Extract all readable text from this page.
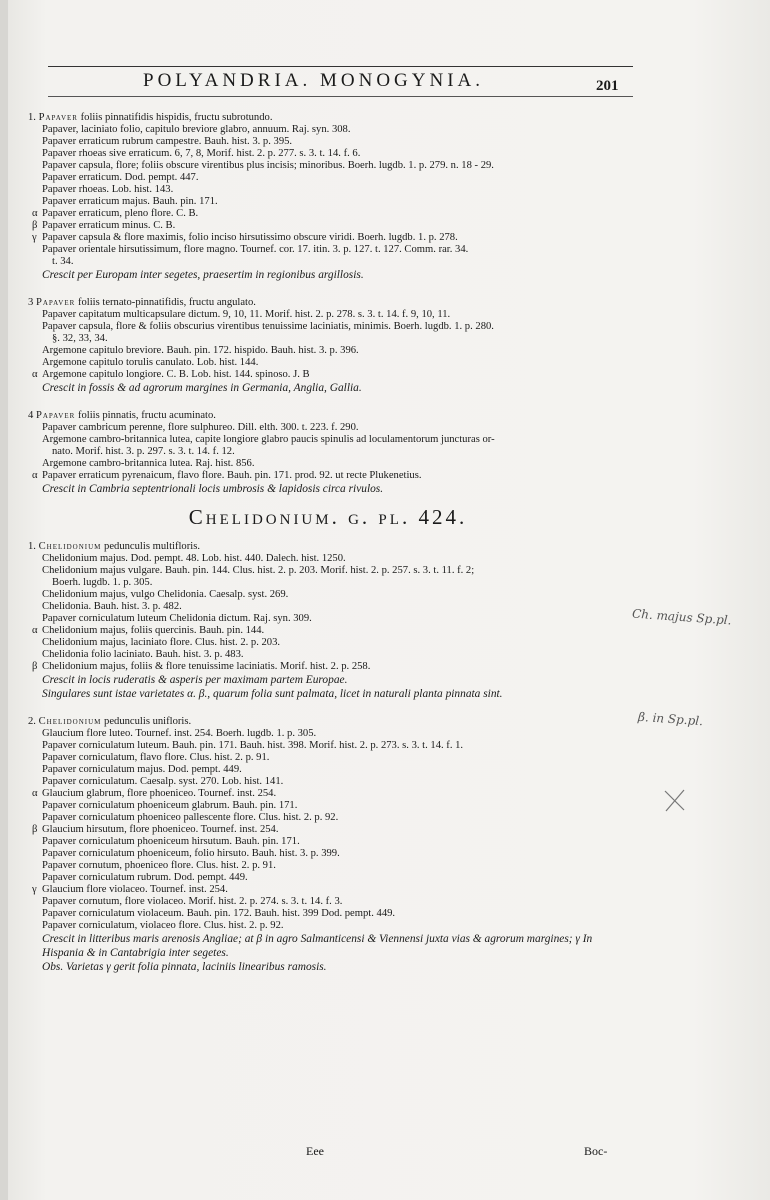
POLYANDRIA. MONOGYNIA.	201
1. Papaver foliis pinnatifidis hispidis, fructu subrotundo.
Papaver, laciniato folio, capitulo breviore glabro, annuum. Raj. syn. 308.
Papaver erraticum rubrum campestre. Bauh. hist. 3. p. 395.
Papaver rhoeas sive erraticum. 6, 7, 8, Morif. hist. 2. p. 277. s. 3. t. 14. f. 6.
Papaver capsula, flore; foliis obscure virentibus plus incisis; minoribus. Boerh. lugdb. 1. p. 279. n. 18 - 29.
Papaver erraticum. Dod. pempt. 447.
Papaver rhoeas. Lob. hist. 143.
Papaver erraticum majus. Bauh. pin. 171.
α Papaver erraticum, pleno flore. C. B.
β Papaver erraticum minus. C. B.
γ Papaver capsula & flore maximis, folio inciso hirsutissimo obscure viridi. Boerh. lugdb. 1. p. 278.
Papaver orientale hirsutissimum, flore magno. Tournef. cor. 17. itin. 3. p. 127. t. 127. Comm. rar. 34.
t. 34.
Crescit per Europam inter segetes, praesertim in regionibus argillosis.
3 Papaver foliis ternato-pinnatifidis, fructu angulato.
Papaver capitatum multicapsulare dictum. 9, 10, 11. Morif. hist. 2. p. 278. s. 3. t. 14. f. 9, 10, 11.
Papaver capsula, flore & foliis obscurius virentibus tenuissime laciniatis, minimis. Boerh. lugdb. 1. p. 280.
§. 32, 33, 34.
Argemone capitulo breviore. Bauh. pin. 172. hispido. Bauh. hist. 3. p. 396.
Argemone capitulo torulis canulato. Lob. hist. 144.
α Argemone capitulo longiore. C. B. Lob. hist. 144. spinoso. J. B
Crescit in fossis & ad agrorum margines in Germania, Anglia, Gallia.
4 Papaver foliis pinnatis, fructu acuminato.
Papaver cambricum perenne, flore sulphureo. Dill. elth. 300. t. 223. f. 290.
Argemone cambro-britannica lutea, capite longiore glabro paucis spinulis ad loculamentorum juncturas or-
nato. Morif. hist. 3. p. 297. s. 3. t. 14. f. 12.
Argemone cambro-britannica lutea. Raj. hist. 856.
α Papaver erraticum pyrenaicum, flavo flore. Bauh. pin. 171. prod. 92. ut recte Plukenetius.
Crescit in Cambria septentrionali locis umbrosis & lapidosis circa rivulos.
Chelidonium. g. pl. 424.
1. Chelidonium pedunculis multifloris.
Chelidonium majus. Dod. pempt. 48. Lob. hist. 440. Dalech. hist. 1250.
Chelidonium majus vulgare. Bauh. pin. 144. Clus. hist. 2. p. 203. Morif. hist. 2. p. 257. s. 3. t. 11. f. 2;
Boerh. lugdb. 1. p. 305.
Chelidonium majus, vulgo Chelidonia. Caesalp. syst. 269.
Chelidonia. Bauh. hist. 3. p. 482.
Papaver corniculatum luteum Chelidonia dictum. Raj. syn. 309.
α Chelidonium majus, foliis quercinis. Bauh. pin. 144.
Chelidonium majus, laciniato flore. Clus. hist. 2. p. 203.
Chelidonia folio laciniato. Bauh. hist. 3. p. 483.
β Chelidonium majus, foliis & flore tenuissime laciniatis. Morif. hist. 2. p. 258.
Crescit in locis ruderatis & asperis per maximam partem Europae.
Singulares sunt istae varietates α. β., quarum folia sunt palmata, licet in naturali planta pinnata sint.
2. Chelidonium pedunculis unifloris.
Glaucium flore luteo. Tournef. inst. 254. Boerh. lugdb. 1. p. 305.
Papaver corniculatum luteum. Bauh. pin. 171. Bauh. hist. 398. Morif. hist. 2. p. 273. s. 3. t. 14. f. 1.
Papaver corniculatum, flavo flore. Clus. hist. 2. p. 91.
Papaver corniculatum majus. Dod. pempt. 449.
Papaver corniculatum. Caesalp. syst. 270. Lob. hist. 141.
α Glaucium glabrum, flore phoeniceo. Tournef. inst. 254.
Papaver corniculatum phoeniceum glabrum. Bauh. pin. 171.
Papaver corniculatum phoeniceo pallescente flore. Clus. hist. 2. p. 92.
β Glaucium hirsutum, flore phoeniceo. Tournef. inst. 254.
Papaver corniculatum phoeniceum hirsutum. Bauh. pin. 171.
Papaver corniculatum phoeniceum, folio hirsuto. Bauh. hist. 3. p. 399.
Papaver cornutum, phoeniceo flore. Clus. hist. 2. p. 91.
Papaver corniculatum rubrum. Dod. pempt. 449.
γ Glaucium flore violaceo. Tournef. inst. 254.
Papaver cornutum, flore violaceo. Morif. hist. 2. p. 274. s. 3. t. 14. f. 3.
Papaver corniculatum violaceum. Bauh. pin. 172. Bauh. hist. 399 Dod. pempt. 449.
Papaver corniculatum, violaceo flore. Clus. hist. 2. p. 92.
Crescit in litteribus maris arenosis Angliae; at β in agro Salmanticensi & Viennensi juxta vias & agrorum margines; γ In Hispania & in Cantabrigia inter segetes.
Obs. Varietas γ gerit folia pinnata, laciniis linearibus ramosis.
Ch. majus Sp.pl.
β. in Sp.pl.
Eee	Boc-
